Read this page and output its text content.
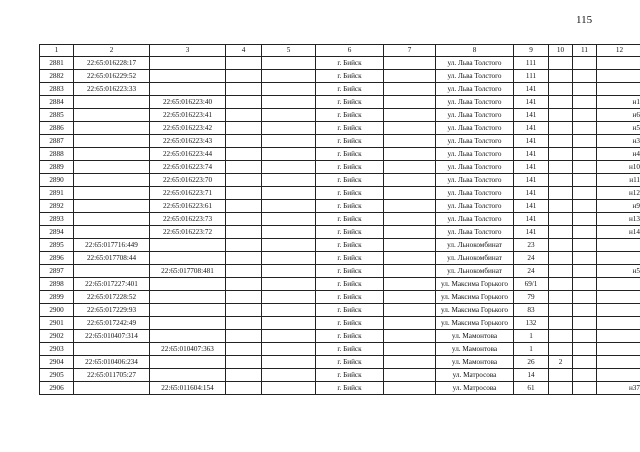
115
1	2	3	4	5	6	7	8	9	10	11	12
2881	22:65:016228:17				г. Бийск		ул. Льва Толстого	111			
2882	22:65:016229:52				г. Бийск		ул. Льва Толстого	111			
2883	22:65:016223:33				г. Бийск		ул. Льва Толстого	141			
2884		22:65:016223:40			г. Бийск		ул. Льва Толстого	141			н1
2885		22:65:016223:41			г. Бийск		ул. Льва Толстого	141			н6
2886		22:65:016223:42			г. Бийск		ул. Льва Толстого	141			н5
2887		22:65:016223:43			г. Бийск		ул. Льва Толстого	141			н3
2888		22:65:016223:44			г. Бийск		ул. Льва Толстого	141			н4
2889		22:65:016223:74			г. Бийск		ул. Льва Толстого	141			н10
2890		22:65:016223:70			г. Бийск		ул. Льва Толстого	141			н11
2891		22:65:016223:71			г. Бийск		ул. Льва Толстого	141			н12
2892		22:65:016223:61			г. Бийск		ул. Льва Толстого	141			н9
2893		22:65:016223:73			г. Бийск		ул. Льва Толстого	141			н13
2894		22:65:016223:72			г. Бийск		ул. Льва Толстого	141			н14
2895	22:65:017716:449				г. Бийск		ул. Льнокомбинат	23			
2896	22:65:017708:44				г. Бийск		ул. Льнокомбинат	24			
2897		22:65:017708:481			г. Бийск		ул. Льнокомбинат	24			н5
2898	22:65:017227:401				г. Бийск		ул. Максима Горького	69/1			
2899	22:65:017228:52				г. Бийск		ул. Максима Горького	79			
2900	22:65:017229:93				г. Бийск		ул. Максима Горького	83			
2901	22:65:017242:49				г. Бийск		ул. Максима Горького	132			
2902	22:65:010407:314				г. Бийск		ул. Мамонтова	1			
2903		22:65:010407:363			г. Бийск		ул. Мамонтова	1			
2904	22:65:010406:234				г. Бийск		ул. Мамонтова	26	2		
2905	22:65:011705:27				г. Бийск		ул. Матросова	14			
2906		22:65:011604:154			г. Бийск		ул. Матросова	61			н37
